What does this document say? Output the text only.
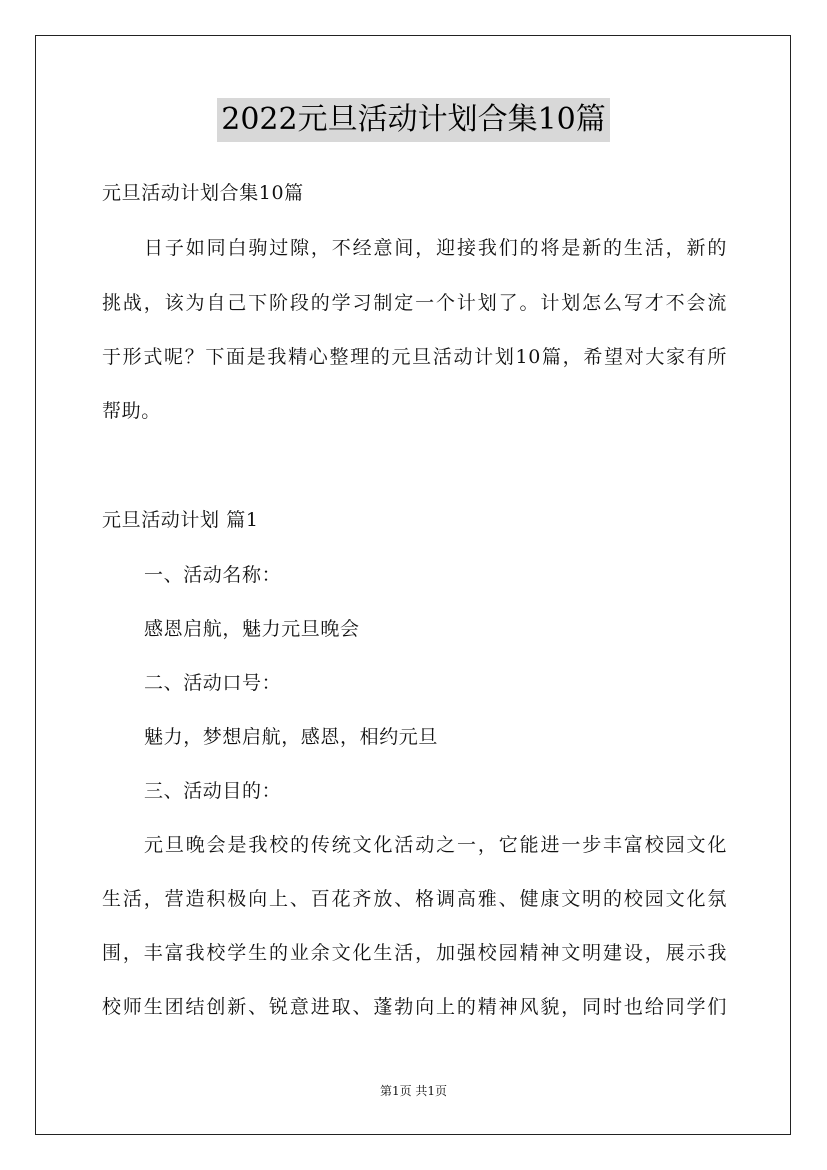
2022元旦活动计划合集10篇

元旦活动计划合集10篇

日子如同白驹过隙，不经意间，迎接我们的将是新的生活，新的

挑战，该为自己下阶段的学习制定一个计划了。计划怎么写才不会流

于形式呢？下面是我精心整理的元旦活动计划10篇，希望对大家有所

帮助。

元旦活动计划 篇1

一、活动名称：

感恩启航，魅力元旦晚会

二、活动口号：

魅力，梦想启航，感恩，相约元旦

三、活动目的：

元旦晚会是我校的传统文化活动之一，它能进一步丰富校园文化

生活，营造积极向上、百花齐放、格调高雅、健康文明的校园文化氛

围，丰富我校学生的业余文化生活，加强校园精神文明建设，展示我

校师生团结创新、锐意进取、蓬勃向上的精神风貌，同时也给同学们

第1页 共1页
